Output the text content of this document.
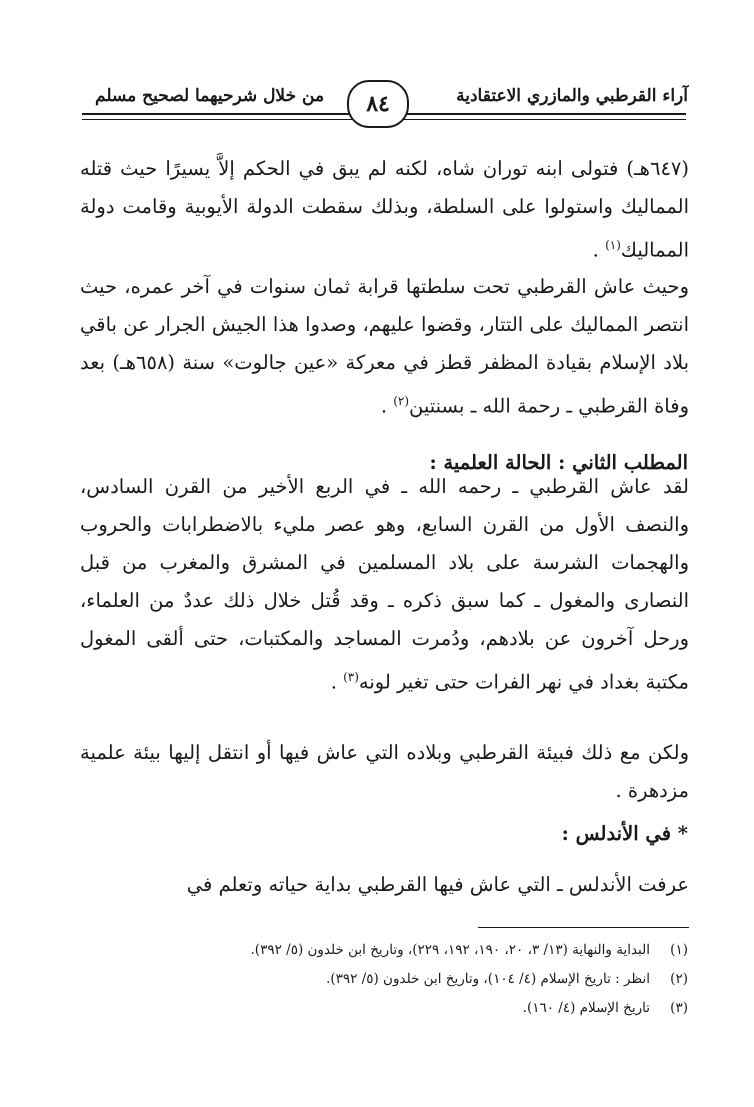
آراء القرطبي والمازري الاعتقادية
من خلال شرحيهما لصحيح مسلم	٨٤

(٦٤٧هـ) فتولى ابنه توران شاه، لكنه لم يبق في الحكم إلاَّ يسيرًا حيث قتله المماليك واستولوا على السلطة، وبذلك سقطت الدولة الأيوبية وقامت دولة المماليك$^{(١)}$ .

وحيث عاش القرطبي تحت سلطتها قرابة ثمان سنوات في آخر عمره، حيث انتصر المماليك على التتار، وقضوا عليهم، وصدوا هذا الجيش الجرار عن باقي بلاد الإسلام بقيادة المظفر قطز في معركة «عين جالوت» سنة (٦٥٨هـ) بعد وفاة القرطبي ـ رحمة الله ـ بسنتين$^{(٢)}$ .

المطلب الثاني : الحالة العلمية :

لقد عاش القرطبي ـ رحمه الله ـ في الربع الأخير من القرن السادس، والنصف الأول من القرن السابع، وهو عصر مليء بالاضطرابات والحروب والهجمات الشرسة على بلاد المسلمين في المشرق والمغرب من قبل النصارى والمغول ـ كما سبق ذكره ـ وقد قُتل خلال ذلك عددٌ من العلماء، ورحل آخرون عن بلادهم، ودُمرت المساجد والمكتبات، حتى ألقى المغول مكتبة بغداد في نهر الفرات حتى تغير لونه$^{(٣)}$ .

ولكن مع ذلك فبيئة القرطبي وبلاده التي عاش فيها أو انتقل إليها بيئة علمية مزدهرة .

* في الأندلس :

عرفت الأندلس ـ التي عاش فيها القرطبي بداية حياته وتعلم في

(١)
البداية والنهاية (١٣/ ٣، ٢٠، ١٩٠، ١٩٢، ٢٢٩)، وتاريخ ابن خلدون (٥/ ٣٩٢).
(٢)
انظر : تاريخ الإسلام (٤/ ١٠٤)، وتاريخ ابن خلدون (٥/ ٣٩٢).
(٣)
تاريخ الإسلام (٤/ ١٦٠).
